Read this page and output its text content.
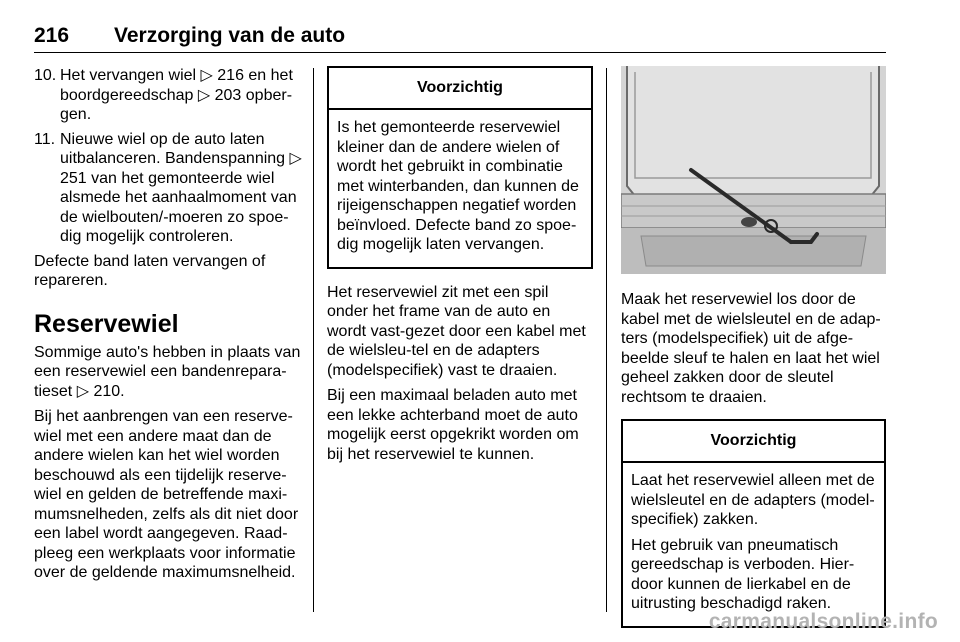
216 Verzorging van de auto
10. Het vervangen wiel ▷ 216 en het boordgereedschap ▷ 203 opber-gen.
11. Nieuwe wiel op de auto laten uitbalanceren. Bandenspanning ▷ 251 van het gemonteerde wiel alsmede het aanhaalmoment van de wielbouten/-moeren zo spoe-dig mogelijk controleren.

Defecte band laten vervangen of repareren.

Reservewiel

Sommige auto's hebben in plaats van een reservewiel een bandenrepara-tieset ▷ 210.

Bij het aanbrengen van een reserve-wiel met een andere maat dan de andere wielen kan het wiel worden beschouwd als een tijdelijk reserve-wiel en gelden de betreffende maxi-mumsnelheden, zelfs als dit niet door een label wordt aangegeven. Raad-pleeg een werkplaats voor informatie over de geldende maximumsnelheid.

Voorzichtig

Is het gemonteerde reservewiel kleiner dan de andere wielen of wordt het gebruikt in combinatie met winterbanden, dan kunnen de rijeigenschappen negatief worden beïnvloed. Defecte band zo spoe-dig mogelijk laten vervangen.

Het reservewiel zit met een spil onder het frame van de auto en wordt vast-gezet door een kabel met de wielsleu-tel en de adapters (modelspecifiek) vast te draaien.

Bij een maximaal beladen auto met een lekke achterband moet de auto mogelijk eerst opgekrikt worden om bij het reservewiel te kunnen.

Maak het reservewiel los door de kabel met de wielsleutel en de adap-ters (modelspecifiek) uit de afge-beelde sleuf te halen en laat het wiel geheel zakken door de sleutel rechtsom te draaien.

Voorzichtig

Laat het reservewiel alleen met de wielsleutel en de adapters (model-specifiek) zakken.

Het gebruik van pneumatisch gereedschap is verboden. Hier-door kunnen de lierkabel en de uitrusting beschadigd raken.

carmanualsonline.info
